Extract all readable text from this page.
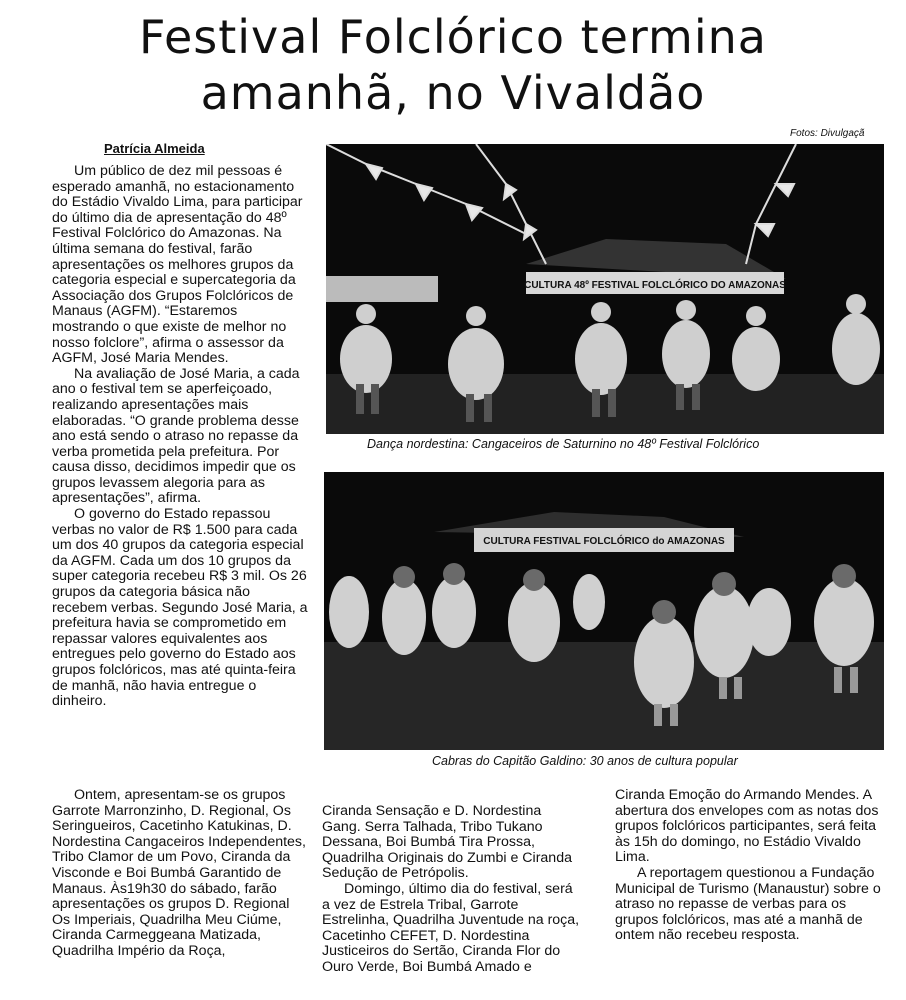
Festival Folclórico termina
amanhã, no Vivaldão
Patrícia Almeida
Fotos: Divulgaçã

Um público de dez mil pessoas é esperado amanhã, no estacionamento do Estádio Vivaldo Lima, para participar do último dia de apresentação do 48º Festival Folclórico do Amazonas. Na última semana do festival, farão apresentações os melhores grupos da categoria especial e supercategoria da Associação dos Grupos Folclóricos de Manaus (AGFM). “Estaremos mostrando o que existe de melhor no nosso folclore”, afirma o assessor da AGFM, José Maria Mendes.

Na avaliação de José Maria, a cada ano o festival tem se aperfeiçoado, realizando apresentações mais elaboradas. “O grande problema desse ano está sendo o atraso no repasse da verba prometida pela prefeitura. Por causa disso, decidimos impedir que os grupos levassem alegoria para as apresentações”, afirma.

O governo do Estado repassou verbas no valor de R$ 1.500 para cada um dos 40 grupos da categoria especial da AGFM. Cada um dos 10 grupos da super categoria recebeu R$ 3 mil. Os 26 grupos da categoria básica não recebem verbas. Segundo José Maria, a prefeitura havia se comprometido em repassar valores equivalentes aos entregues pelo governo do Estado aos grupos folclóricos, mas até quinta-feira de manhã, não havia entregue o dinheiro.

Ontem, apresentam-se os grupos Garrote Marronzinho, D. Regional, Os Seringueiros, Cacetinho Katukinas, D. Nordestina Cangaceiros Independentes, Tribo Clamor de um Povo, Ciranda da Visconde e Boi Bumbá Garantido de Manaus. Às19h30 do sábado, farão apresentações os grupos D. Regional Os Imperiais, Quadrilha Meu Ciúme, Ciranda Carmeggeana Matizada, Quadrilha Império da Roça,

Ciranda Sensação e D. Nordestina Gang. Serra Talhada, Tribo Tukano Dessana, Boi Bumbá Tira Prossa, Quadrilha Originais do Zumbi e Ciranda Sedução de Petrópolis.

Domingo, último dia do festival, será a vez de Estrela Tribal, Garrote Estrelinha, Quadrilha Juventude na roça, Cacetinho CEFET, D. Nordestina Justiceiros do Sertão, Ciranda Flor do Ouro Verde, Boi Bumbá Amado e

Ciranda Emoção do Armando Mendes. A abertura dos envelopes com as notas dos grupos folclóricos participantes, será feita às 15h do domingo, no Estádio Vivaldo Lima.

A reportagem questionou a Fundação Municipal de Turismo (Manaustur) sobre o atraso no repasse de verbas para os grupos folclóricos, mas até a manhã de ontem não recebeu resposta.

CULTURA 48º FESTIVAL FOLCLÓRICO DO AMAZONAS
Dança nordestina: Cangaceiros de Saturnino no 48º Festival Folclórico
CULTURA FESTIVAL FOLCLÓRICO do AMAZONAS
Cabras do Capitão Galdino: 30 anos de cultura popular
